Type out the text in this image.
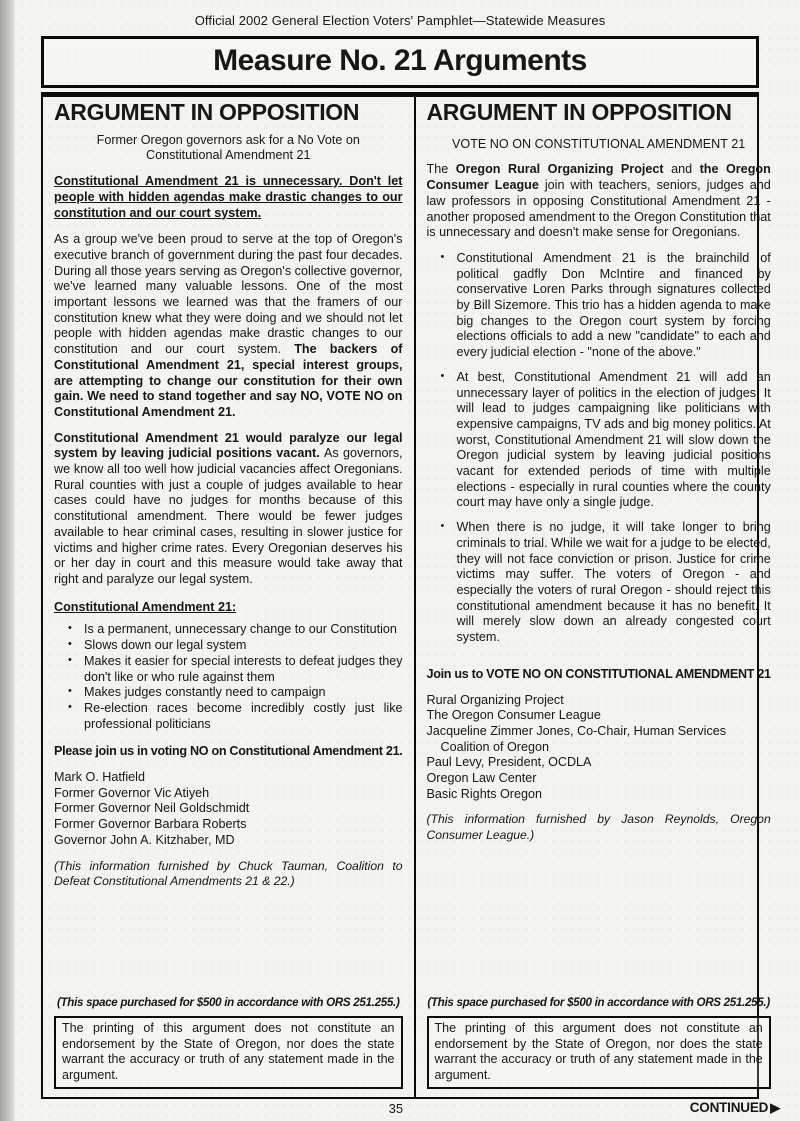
Official 2002 General Election Voters' Pamphlet—Statewide Measures
Measure No. 21 Arguments
ARGUMENT IN OPPOSITION
Former Oregon governors ask for a No Vote on
Constitutional Amendment 21

Constitutional Amendment 21 is unnecessary. Don't let people with hidden agendas make drastic changes to our constitution and our court system.

As a group we've been proud to serve at the top of Oregon's executive branch of government during the past four decades. During all those years serving as Oregon's collective governor, we've learned many valuable lessons. One of the most important lessons we learned was that the framers of our constitution knew what they were doing and we should not let people with hidden agendas make drastic changes to our constitution and our court system. The backers of Constitutional Amendment 21, special interest groups, are attempting to change our constitution for their own gain. We need to stand together and say NO, VOTE NO on Constitutional Amendment 21.

Constitutional Amendment 21 would paralyze our legal system by leaving judicial positions vacant. As governors, we know all too well how judicial vacancies affect Oregonians. Rural counties with just a couple of judges available to hear cases could have no judges for months because of this constitutional amendment. There would be fewer judges available to hear criminal cases, resulting in slower justice for victims and higher crime rates. Every Oregonian deserves his or her day in court and this measure would take away that right and paralyze our legal system.

Constitutional Amendment 21:
• Is a permanent, unnecessary change to our Constitution
• Slows down our legal system
• Makes it easier for special interests to defeat judges they don't like or who rule against them
• Makes judges constantly need to campaign
• Re-election races become incredibly costly just like professional politicians
Please join us in voting NO on Constitutional Amendment 21.
Mark O. Hatfield
Former Governor Vic Atiyeh
Former Governor Neil Goldschmidt
Former Governor Barbara Roberts
Governor John A. Kitzhaber, MD

(This information furnished by Chuck Tauman, Coalition to Defeat Constitutional Amendments 21 & 22.)

(This space purchased for $500 in accordance with ORS 251.255.)
The printing of this argument does not constitute an endorsement by the State of Oregon, nor does the state warrant the accuracy or truth of any statement made in the argument.
ARGUMENT IN OPPOSITION
VOTE NO ON CONSTITUTIONAL AMENDMENT 21

The Oregon Rural Organizing Project and the Oregon Consumer League join with teachers, seniors, judges and law professors in opposing Constitutional Amendment 21 - another proposed amendment to the Oregon Constitution that is unnecessary and doesn't make sense for Oregonians.

• Constitutional Amendment 21 is the brainchild of political gadfly Don McIntire and financed by conservative Loren Parks through signatures collected by Bill Sizemore. This trio has a hidden agenda to make big changes to the Oregon court system by forcing elections officials to add a new "candidate" to each and every judicial election - "none of the above."
• At best, Constitutional Amendment 21 will add an unnecessary layer of politics in the election of judges. It will lead to judges campaigning like politicians with expensive campaigns, TV ads and big money politics. At worst, Constitutional Amendment 21 will slow down the Oregon judicial system by leaving judicial positions vacant for extended periods of time with multiple elections - especially in rural counties where the county court may have only a single judge.
• When there is no judge, it will take longer to bring criminals to trial. While we wait for a judge to be elected, they will not face conviction or prison. Justice for crime victims may suffer. The voters of Oregon - and especially the voters of rural Oregon - should reject this constitutional amendment because it has no benefit. It will merely slow down an already congested court system.
Join us to VOTE NO ON CONSTITUTIONAL AMENDMENT 21
Rural Organizing Project
The Oregon Consumer League
Jacqueline Zimmer Jones, Co-Chair, Human Services Coalition of Oregon
Paul Levy, President, OCDLA
Oregon Law Center
Basic Rights Oregon

(This information furnished by Jason Reynolds, Oregon Consumer League.)

(This space purchased for $500 in accordance with ORS 251.255.)
The printing of this argument does not constitute an endorsement by the State of Oregon, nor does the state warrant the accuracy or truth of any statement made in the argument.
35	CONTINUED ▶
